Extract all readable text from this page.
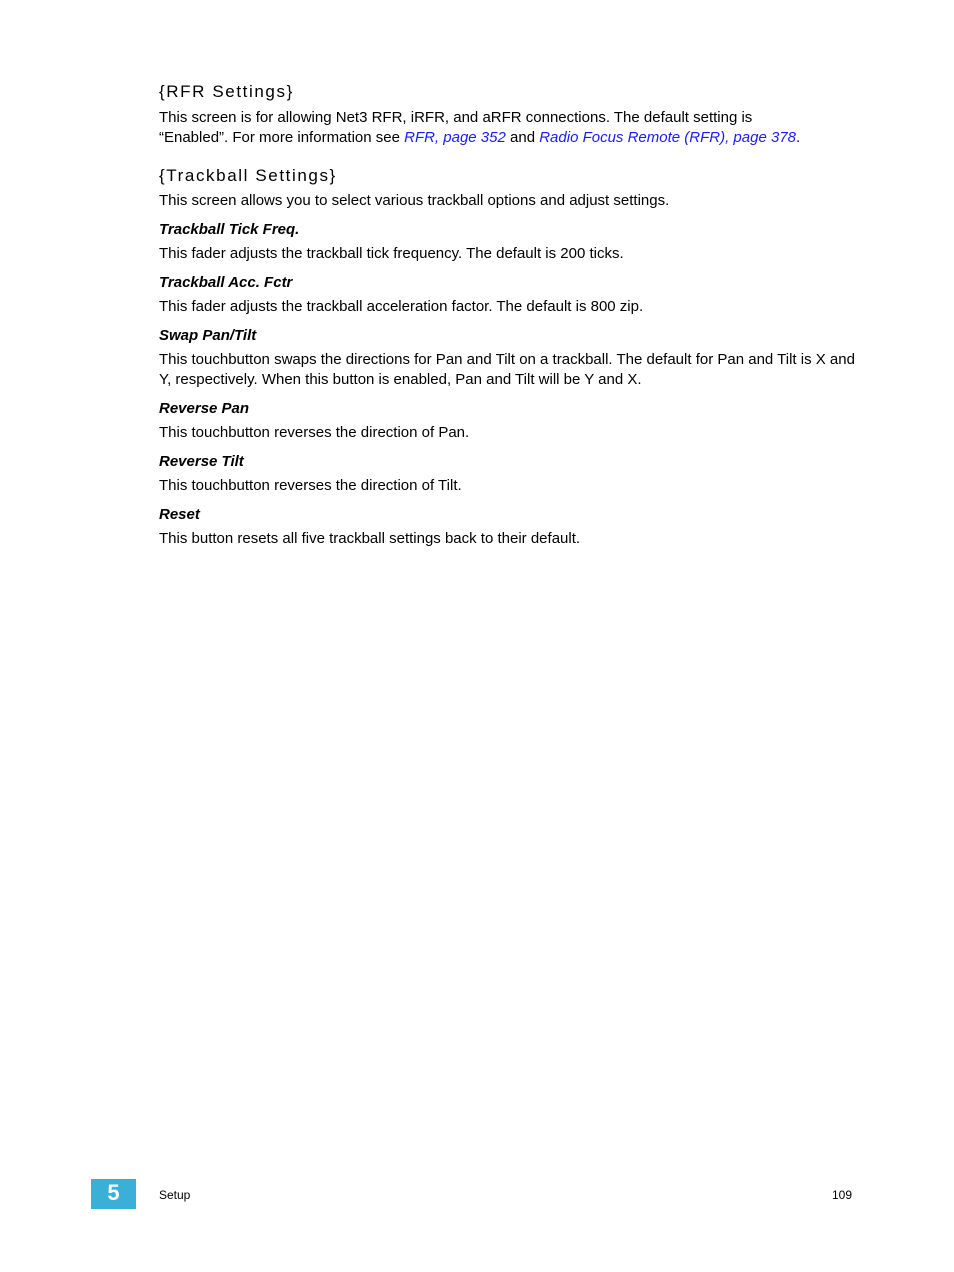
{RFR Settings}

This screen is for allowing Net3 RFR, iRFR, and aRFR connections. The default setting is
“Enabled”. For more information see RFR, page 352 and Radio Focus Remote (RFR), page 378.

{Trackball Settings}

This screen allows you to select various trackball options and adjust settings.

Trackball Tick Freq.

This fader adjusts the trackball tick frequency. The default is 200 ticks.

Trackball Acc. Fctr

This fader adjusts the trackball acceleration factor. The default is 800 zip.

Swap Pan/Tilt

This touchbutton swaps the directions for Pan and Tilt on a trackball. The default for Pan and Tilt is X and Y, respectively. When this button is enabled, Pan and Tilt will be Y and X.

Reverse Pan

This touchbutton reverses the direction of Pan.

Reverse Tilt

This touchbutton reverses the direction of Tilt.

Reset

This button resets all five trackball settings back to their default.

5	Setup	109
